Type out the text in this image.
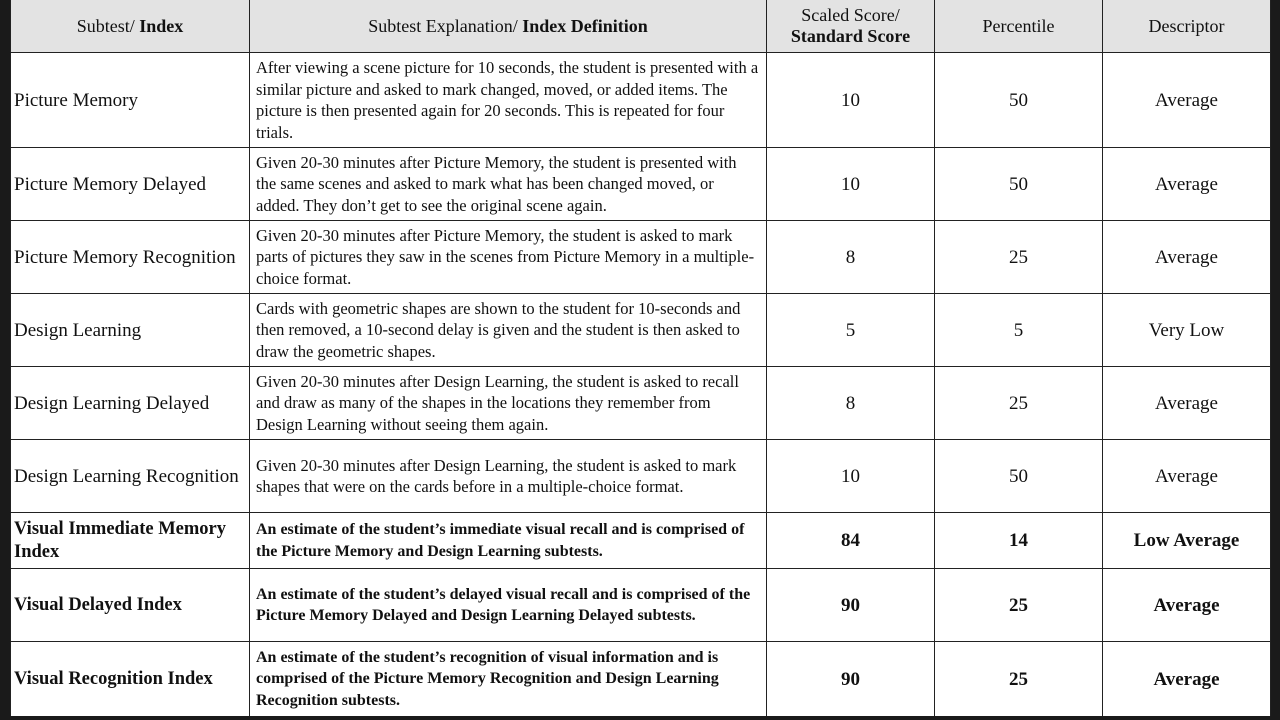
Subtest/ Index	Subtest Explanation/ Index Definition	Scaled Score/
Standard Score	Percentile	Descriptor
Picture Memory	After viewing a scene picture for 10 seconds, the student is presented with a similar picture and asked to mark changed, moved, or added items. The picture is then presented again for 20 seconds. This is repeated for four trials.	10	50	Average
Picture Memory Delayed	Given 20-30 minutes after Picture Memory, the student is presented with the same scenes and asked to mark what has been changed moved, or added. They don’t get to see the original scene again.	10	50	Average
Picture Memory Recognition	Given 20-30 minutes after Picture Memory, the student is asked to mark parts of pictures they saw in the scenes from Picture Memory in a multiple-choice format.	8	25	Average
Design Learning	Cards with geometric shapes are shown to the student for 10-seconds and then removed, a 10-second delay is given and the student is then asked to draw the geometric shapes.	5	5	Very Low
Design Learning Delayed	Given 20-30 minutes after Design Learning, the student is asked to recall and draw as many of the shapes in the locations they remember from Design Learning without seeing them again.	8	25	Average
Design Learning Recognition	Given 20-30 minutes after Design Learning, the student is asked to mark shapes that were on the cards before in a multiple-choice format.	10	50	Average
Visual Immediate Memory Index	An estimate of the student’s immediate visual recall and is comprised of the Picture Memory and Design Learning subtests.	84	14	Low Average
Visual Delayed Index	An estimate of the student’s delayed visual recall and is comprised of the Picture Memory Delayed and Design Learning Delayed subtests.	90	25	Average
Visual Recognition Index	An estimate of the student’s recognition of visual information and is comprised of the Picture Memory Recognition and Design Learning Recognition subtests.	90	25	Average
